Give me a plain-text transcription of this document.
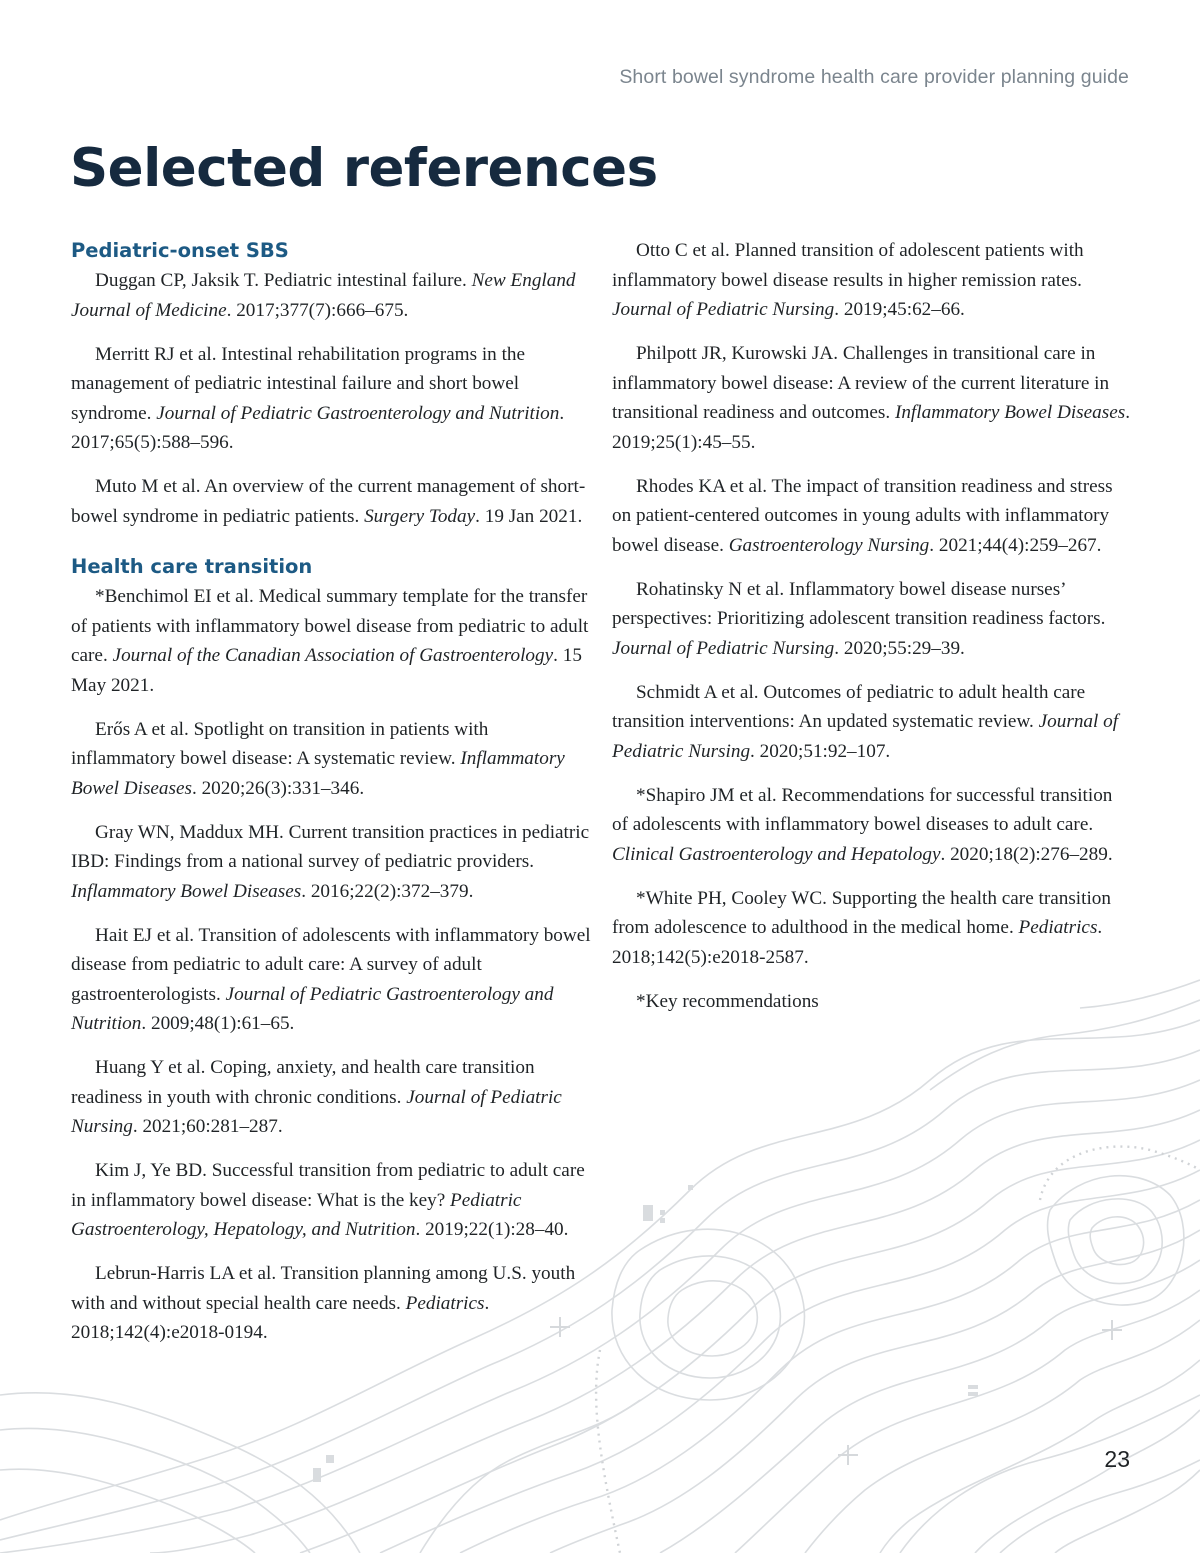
Short bowel syndrome health care provider planning guide
Selected references
Pediatric-onset SBS

Duggan CP, Jaksik T. Pediatric intestinal failure. New England Journal of Medicine. 2017;377(7):666–675.

Merritt RJ et al. Intestinal rehabilitation programs in the management of pediatric intestinal failure and short bowel syndrome. Journal of Pediatric Gastroenterology and Nutrition. 2017;65(5):588–596.

Muto M et al. An overview of the current management of short-bowel syndrome in pediatric patients. Surgery Today. 19 Jan 2021.

Health care transition

*Benchimol EI et al. Medical summary template for the transfer of patients with inflammatory bowel disease from pediatric to adult care. Journal of the Canadian Association of Gastroenterology. 15 May 2021.

Erős A et al. Spotlight on transition in patients with inflammatory bowel disease: A systematic review. Inflammatory Bowel Diseases. 2020;26(3):331–346.

Gray WN, Maddux MH. Current transition practices in pediatric IBD: Findings from a national survey of pediatric providers. Inflammatory Bowel Diseases. 2016;22(2):372–379.

Hait EJ et al. Transition of adolescents with inflammatory bowel disease from pediatric to adult care: A survey of adult gastroenterologists. Journal of Pediatric Gastroenterology and Nutrition. 2009;48(1):61–65.

Huang Y et al. Coping, anxiety, and health care transition readiness in youth with chronic conditions. Journal of Pediatric Nursing. 2021;60:281–287.

Kim J, Ye BD. Successful transition from pediatric to adult care in inflammatory bowel disease: What is the key? Pediatric Gastroenterology, Hepatology, and Nutrition. 2019;22(1):28–40.

Lebrun-Harris LA et al. Transition planning among U.S. youth with and without special health care needs. Pediatrics. 2018;142(4):e2018-0194.

Otto C et al. Planned transition of adolescent patients with inflammatory bowel disease results in higher remission rates. Journal of Pediatric Nursing. 2019;45:62–66.

Philpott JR, Kurowski JA. Challenges in transitional care in inflammatory bowel disease: A review of the current literature in transitional readiness and outcomes. Inflammatory Bowel Diseases. 2019;25(1):45–55.

Rhodes KA et al. The impact of transition readiness and stress on patient-centered outcomes in young adults with inflammatory bowel disease. Gastroenterology Nursing. 2021;44(4):259–267.

Rohatinsky N et al. Inflammatory bowel disease nurses’ perspectives: Prioritizing adolescent transition readiness factors. Journal of Pediatric Nursing. 2020;55:29–39.

Schmidt A et al. Outcomes of pediatric to adult health care transition interventions: An updated systematic review. Journal of Pediatric Nursing. 2020;51:92–107.

*Shapiro JM et al. Recommendations for successful transition of adolescents with inflammatory bowel diseases to adult care. Clinical Gastroenterology and Hepatology. 2020;18(2):276–289.

*White PH, Cooley WC. Supporting the health care transition from adolescence to adulthood in the medical home. Pediatrics. 2018;142(5):e2018-2587.

*Key recommendations

23
